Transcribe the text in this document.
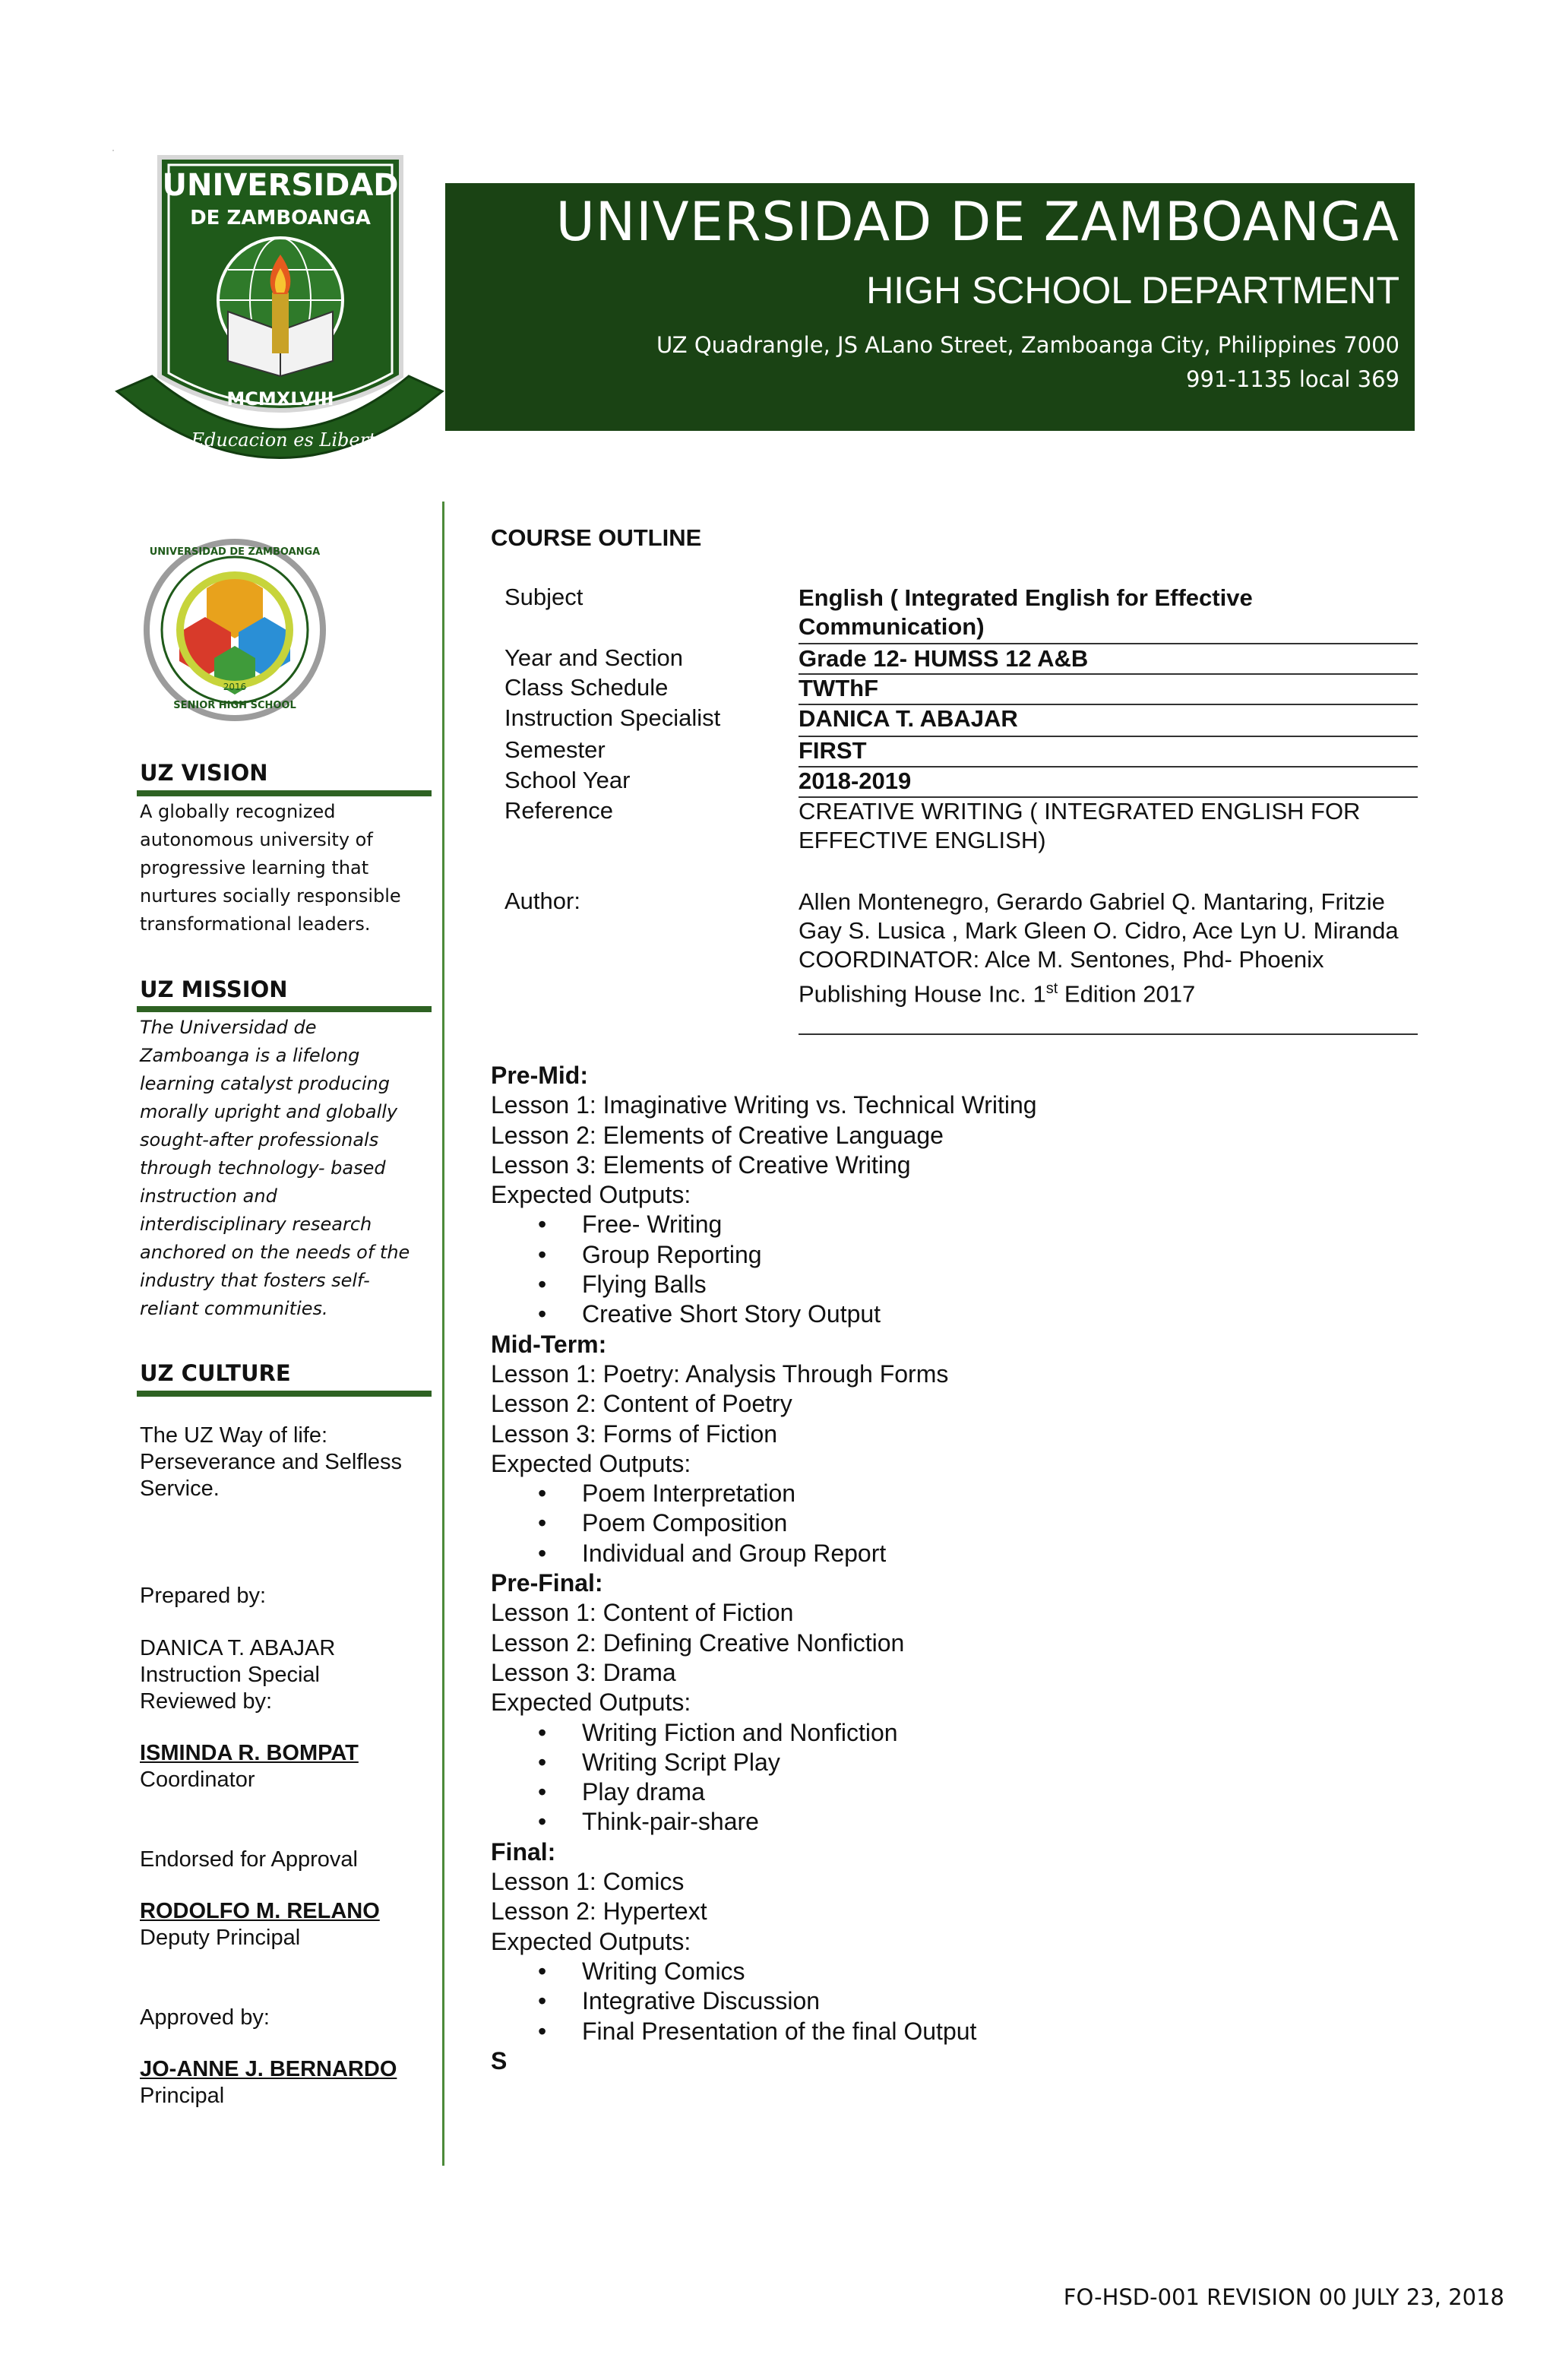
UNIVERSIDAD DE ZAMBOANGA
HIGH SCHOOL DEPARTMENT
UZ Quadrangle, JS ALano Street, Zamboanga City, Philippines 7000
991-1135 local 369
UNIVERSIDAD
DE ZAMBOANGA
MCMXLVIII
La Educacion es Libertad
UNIVERSIDAD DE ZAMBOANGA
2016
SENIOR HIGH SCHOOL
UZ VISION
A globally recognized
autonomous university of
progressive learning that
nurtures socially responsible
transformational leaders.
UZ MISSION
The Universidad de
Zamboanga is a lifelong
learning catalyst producing
morally upright and globally
sought-after professionals
through technology- based
instruction and
interdisciplinary research
anchored on the needs of the
industry that fosters self-
reliant communities.
UZ CULTURE
The UZ Way of life:
Perseverance and Selfless
Service.
Prepared by:
DANICA T. ABAJAR
Instruction Special
Reviewed by:
ISMINDA R. BOMPAT
Coordinator
Endorsed for Approval
RODOLFO M. RELANO
Deputy Principal
Approved by:
JO-ANNE J. BERNARDO
Principal
COURSE OUTLINE
Subject	English ( Integrated English for Effective Communication)
Year and Section	Grade 12- HUMSS 12 A&B
Class Schedule	TWThF
Instruction Specialist	DANICA T. ABAJAR
Semester	FIRST
School Year	2018-2019
Reference	CREATIVE WRITING ( INTEGRATED ENGLISH FOR EFFECTIVE ENGLISH)
Author:	Allen Montenegro, Gerardo Gabriel Q. Mantaring, Fritzie Gay S. Lusica , Mark Gleen O. Cidro, Ace Lyn U. Miranda COORDINATOR: Alce M. Sentones, Phd- Phoenix Publishing House Inc. 1st Edition 2017
Pre-Mid:
Lesson 1: Imaginative Writing vs. Technical Writing
Lesson 2: Elements of Creative Language
Lesson 3: Elements of Creative Writing
Expected Outputs:
• Free- Writing
• Group Reporting
• Flying Balls
• Creative Short Story Output
Mid-Term:
Lesson 1: Poetry: Analysis Through Forms
Lesson 2: Content of Poetry
Lesson 3: Forms of Fiction
Expected Outputs:
• Poem Interpretation
• Poem Composition
• Individual and Group Report
Pre-Final:
Lesson 1: Content of Fiction
Lesson 2: Defining Creative Nonfiction
Lesson 3: Drama
Expected Outputs:
• Writing Fiction and Nonfiction
• Writing Script Play
• Play drama
• Think-pair-share
Final:
Lesson 1: Comics
Lesson 2: Hypertext
Expected Outputs:
• Writing Comics
• Integrative Discussion
• Final Presentation of the final Output
S
FO-HSD-001 REVISION 00 JULY 23, 2018
